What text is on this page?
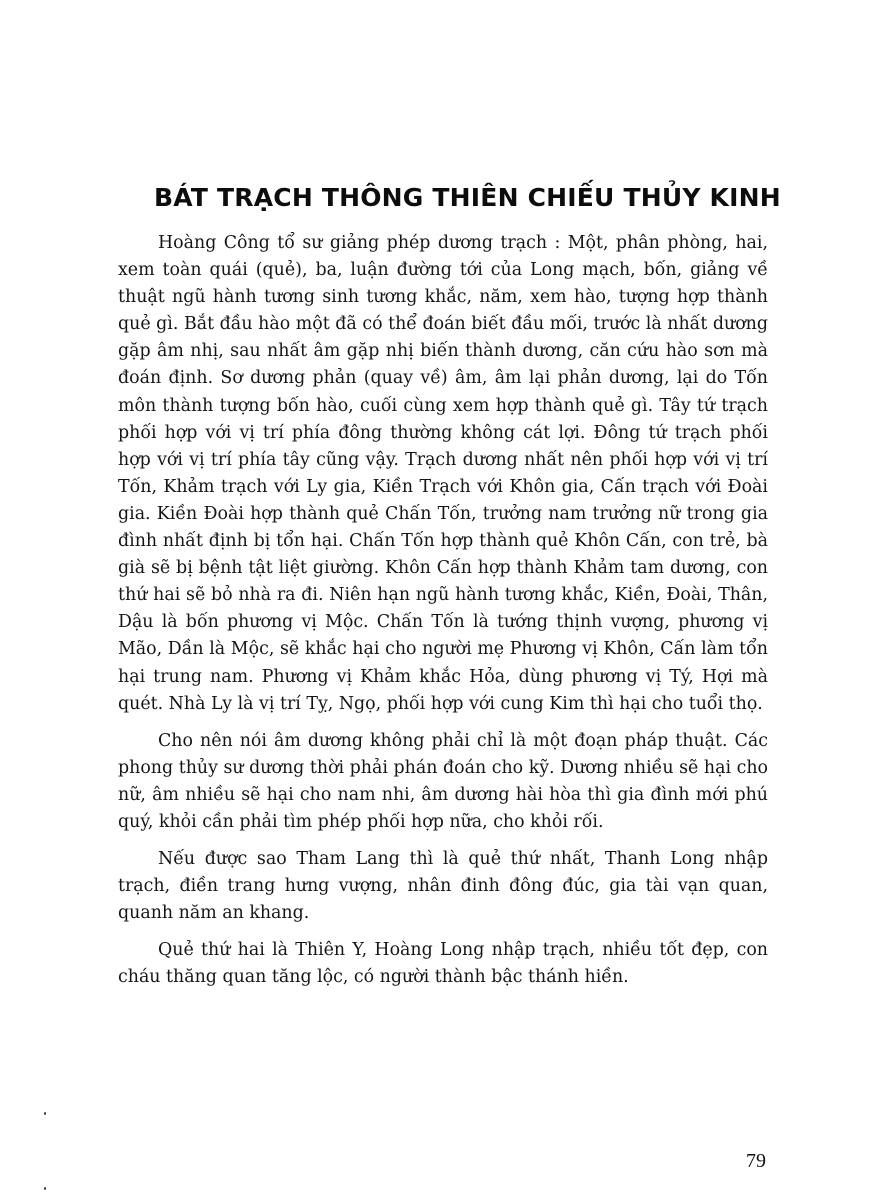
BÁT TRẠCH THÔNG THIÊN CHIẾU THỦY KINH

Hoàng Công tổ sư giảng phép dương trạch : Một, phân phòng, hai, xem toàn quái (quẻ), ba, luận đường tới của Long mạch, bốn, giảng về thuật ngũ hành tương sinh tương khắc, năm, xem hào, tượng hợp thành quẻ gì. Bắt đầu hào một đã có thể đoán biết đầu mối, trước là nhất dương gặp âm nhị, sau nhất âm gặp nhị biến thành dương, căn cứu hào sơn mà đoán định. Sơ dương phản (quay về) âm, âm lại phản dương, lại do Tốn môn thành tượng bốn hào, cuối cùng xem hợp thành quẻ gì. Tây tứ trạch phối hợp với vị trí phía đông thường không cát lợi. Đông tứ trạch phối hợp với vị trí phía tây cũng vậy. Trạch dương nhất nên phối hợp với vị trí Tốn, Khảm trạch với Ly gia, Kiền Trạch với Khôn gia, Cấn trạch với Đoài gia. Kiền Đoài hợp thành quẻ Chấn Tốn, trưởng nam trưởng nữ trong gia đình nhất định bị tổn hại. Chấn Tốn hợp thành quẻ Khôn Cấn, con trẻ, bà già sẽ bị bệnh tật liệt giường. Khôn Cấn hợp thành Khảm tam dương, con thứ hai sẽ bỏ nhà ra đi. Niên hạn ngũ hành tương khắc, Kiền, Đoài, Thân, Dậu là bốn phương vị Mộc. Chấn Tốn là tướng thịnh vượng, phương vị Mão, Dần là Mộc, sẽ khắc hại cho người mẹ Phương vị Khôn, Cấn làm tổn hại trung nam. Phương vị Khảm khắc Hỏa, dùng phương vị Tý, Hợi mà quét. Nhà Ly là vị trí Tỵ, Ngọ, phối hợp với cung Kim thì hại cho tuổi thọ.

Cho nên nói âm dương không phải chỉ là một đoạn pháp thuật. Các phong thủy sư dương thời phải phán đoán cho kỹ. Dương nhiều sẽ hại cho nữ, âm nhiều sẽ hại cho nam nhi, âm dương hài hòa thì gia đình mới phú quý, khỏi cần phải tìm phép phối hợp nữa, cho khỏi rối.

Nếu được sao Tham Lang thì là quẻ thứ nhất, Thanh Long nhập trạch, điền trang hưng vượng, nhân đinh đông đúc, gia tài vạn quan, quanh năm an khang.

Quẻ thứ hai là Thiên Y, Hoàng Long nhập trạch, nhiều tốt đẹp, con cháu thăng quan tăng lộc, có người thành bậc thánh hiền.

79
